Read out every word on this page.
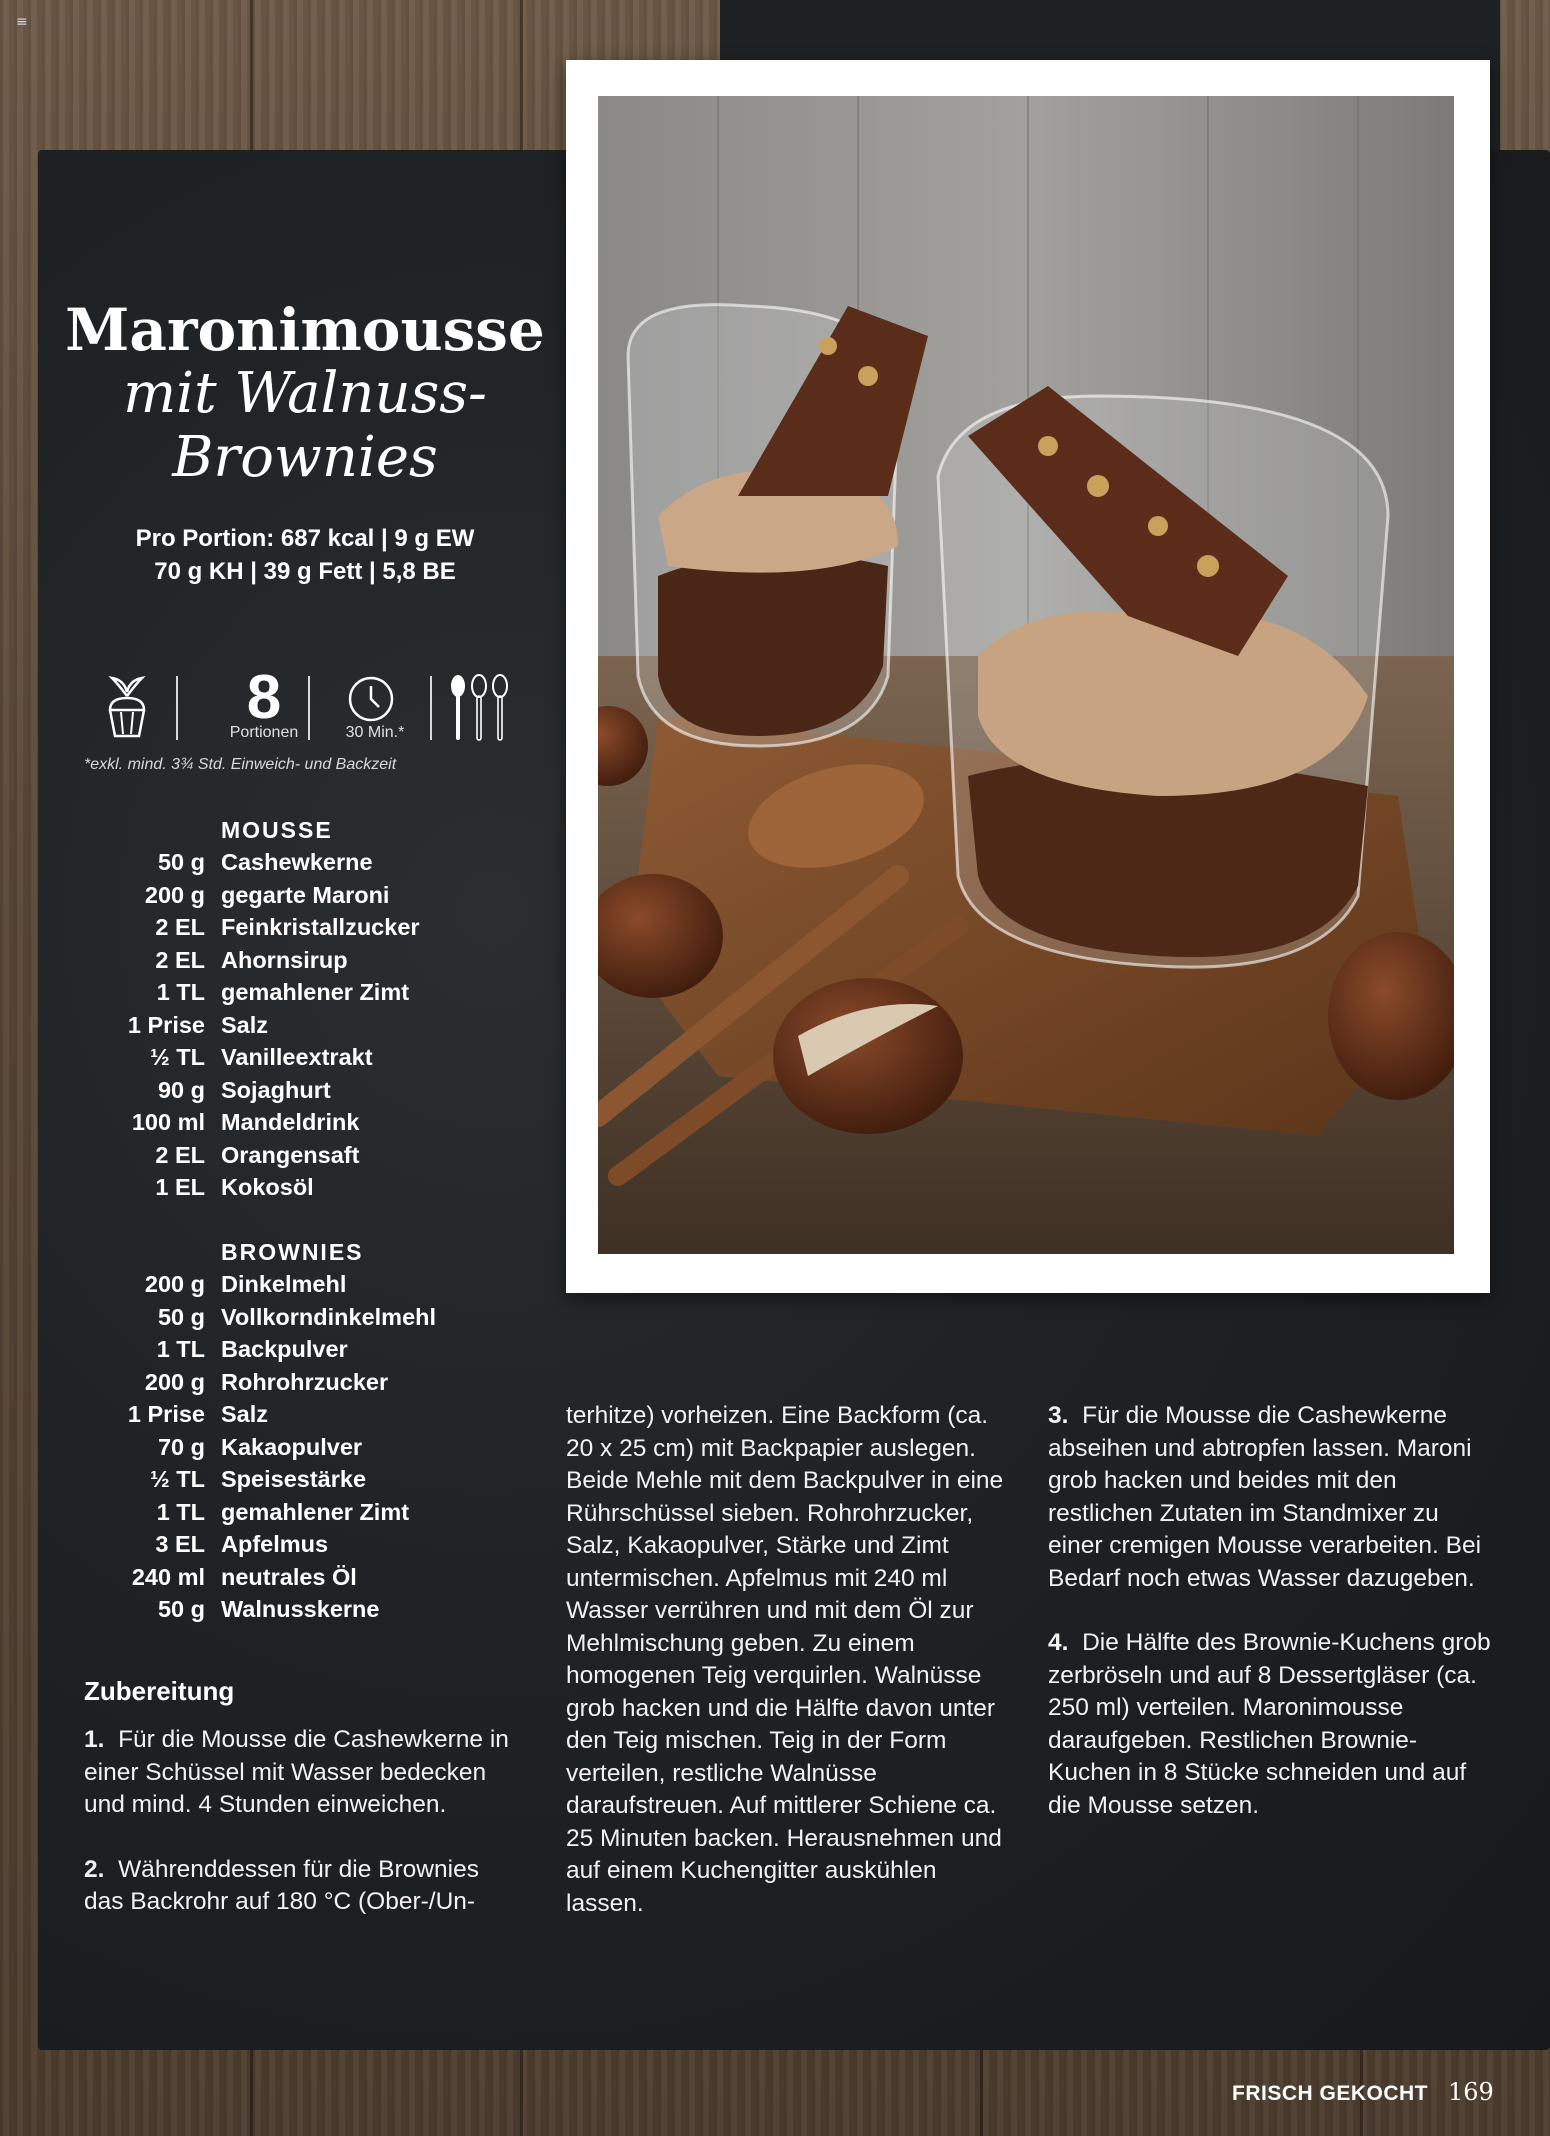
≡
Maronimousse
mit Walnuss-
Brownies
Pro Portion: 687 kcal | 9 g EW
70 g KH | 39 g Fett | 5,8 BE
8
Portionen	30 Min.*
*exkl. mind. 3¾ Std. Einweich- und Backzeit
MOUSSE
50 g Cashewkerne
200 g gegarte Maroni
2 EL Feinkristallzucker
2 EL Ahornsirup
1 TL gemahlener Zimt
1 Prise Salz
½ TL Vanilleextrakt
90 g Sojaghurt
100 ml Mandeldrink
2 EL Orangensaft
1 EL Kokosöl
BROWNIES
200 g Dinkelmehl
50 g Vollkorndinkelmehl
1 TL Backpulver
200 g Rohrohrzucker
1 Prise Salz
70 g Kakaopulver
½ TL Speisestärke
1 TL gemahlener Zimt
3 EL Apfelmus
240 ml neutrales Öl
50 g Walnusskerne
Zubereitung

1. Für die Mousse die Cashewkerne in einer Schüssel mit Wasser bedecken und mind. 4 Stunden einweichen.

2. Währenddessen für die Brownies das Backrohr auf 180 °C (Ober-/Un-

terhitze) vorheizen. Eine Backform (ca. 20 x 25 cm) mit Backpapier auslegen. Beide Mehle mit dem Backpulver in eine Rührschüssel sieben. Rohrohrzucker, Salz, Kakaopulver, Stärke und Zimt untermischen. Apfelmus mit 240 ml Wasser verrühren und mit dem Öl zur Mehlmischung geben. Zu einem homogenen Teig verquirlen. Walnüsse grob hacken und die Hälfte davon unter den Teig mischen. Teig in der Form verteilen, restliche Walnüsse daraufstreuen. Auf mittlerer Schiene ca. 25 Minuten backen. Herausnehmen und auf einem Kuchengitter auskühlen lassen.

3. Für die Mousse die Cashewkerne abseihen und abtropfen lassen. Maroni grob hacken und beides mit den restlichen Zutaten im Standmixer zu einer cremigen Mousse verarbeiten. Bei Bedarf noch etwas Wasser dazugeben.

4. Die Hälfte des Brownie-Kuchens grob zerbröseln und auf 8 Dessertgläser (ca. 250 ml) verteilen. Maronimousse daraufgeben. Restlichen Brownie-Kuchen in 8 Stücke schneiden und auf die Mousse setzen.

FRISCH GEKOCHT 169
